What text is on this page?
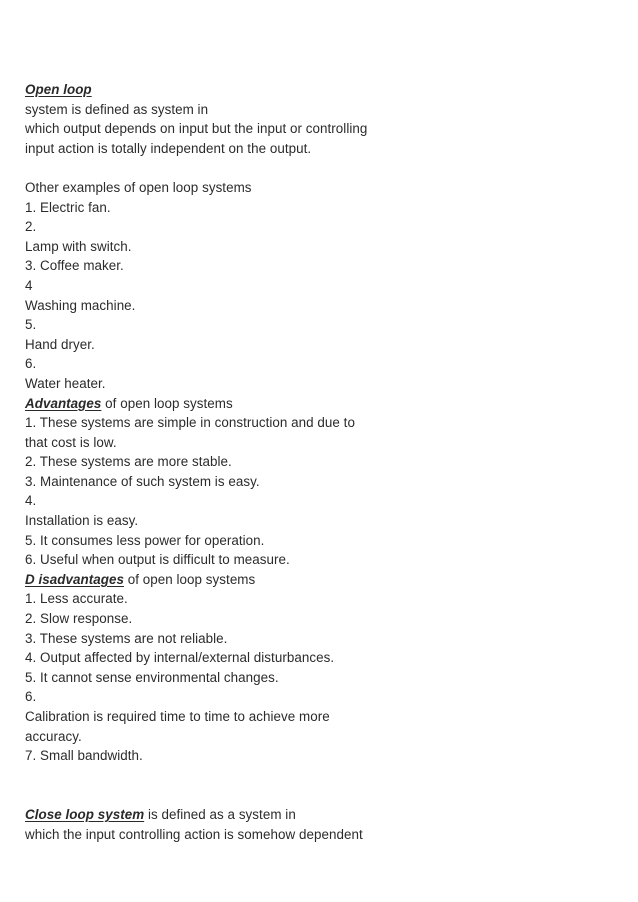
Open loop
system is defined as system in
which output depends on input but the input or controlling
input action is totally independent on the output.
Other examples of open loop systems
1. Electric fan.
2.
Lamp with switch.
3. Coffee maker.
4
Washing machine.
5.
Hand dryer.
6.
Water heater.
Advantages of open loop systems
1. These systems are simple in construction and due to
that cost is low.
2. These systems are more stable.
3. Maintenance of such system is easy.
4.
Installation is easy.
5. It consumes less power for operation.
6. Useful when output is difficult to measure.
D isadvantages of open loop systems
1. Less accurate.
2. Slow response.
3. These systems are not reliable.
4. Output affected by internal/external disturbances.
5. It cannot sense environmental changes.
6.
Calibration is required time to time to achieve more
accuracy.
7. Small bandwidth.
Close loop system is defined as a system in
which the input controlling action is somehow dependent
